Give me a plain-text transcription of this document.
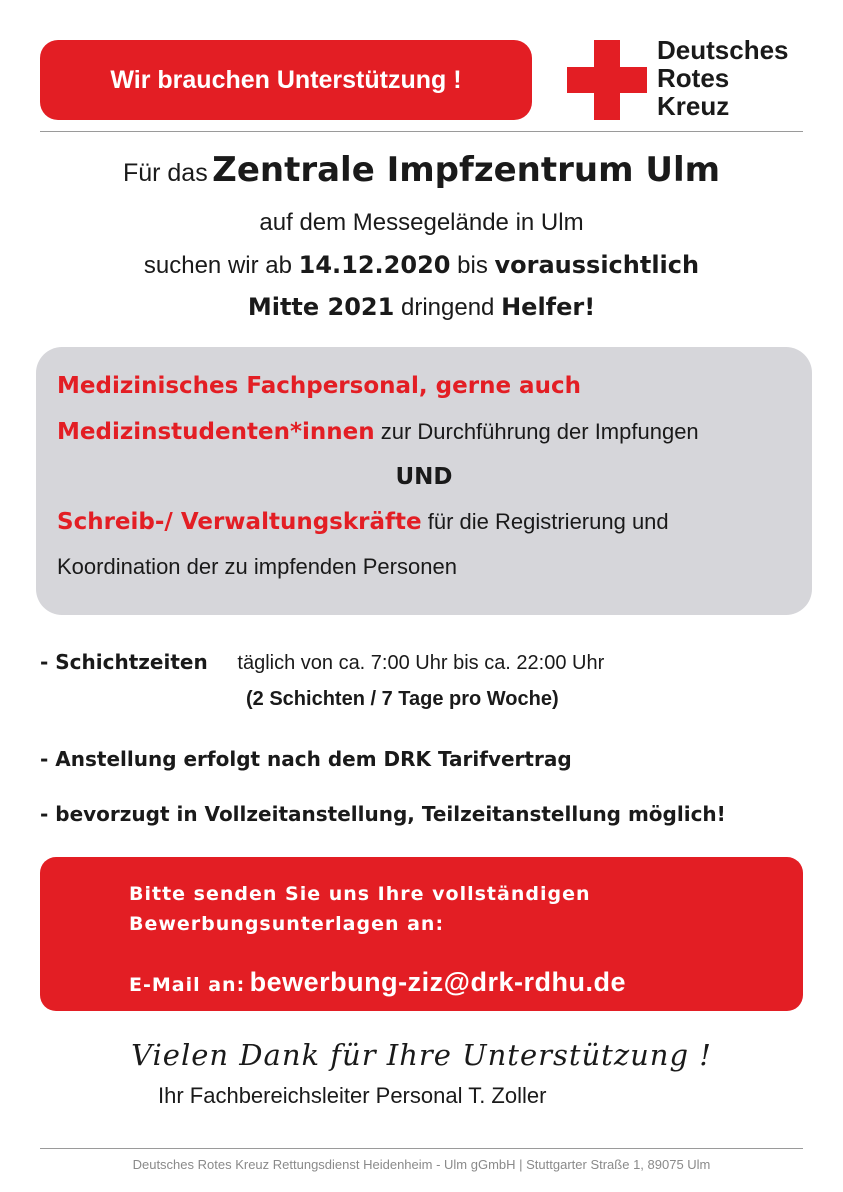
Wir brauchen Unterstützung !
Deutsches
Rotes
Kreuz
Für das Zentrale Impfzentrum Ulm
auf dem Messegelände in Ulm
suchen wir ab 14.12.2020 bis voraussichtlich
Mitte 2021 dringend Helfer!
Medizinisches Fachpersonal, gerne auch
Medizinstudenten*innen zur Durchführung der Impfungen
UND
Schreib-/ Verwaltungskräfte für die Registrierung und
Koordination der zu impfenden Personen
- Schichtzeiten täglich von ca. 7:00 Uhr bis ca. 22:00 Uhr
(2 Schichten / 7 Tage pro Woche)
- Anstellung erfolgt nach dem DRK Tarifvertrag
- bevorzugt in Vollzeitanstellung, Teilzeitanstellung möglich!
Bitte senden Sie uns Ihre vollständigen
Bewerbungsunterlagen an:
E-Mail an: bewerbung-ziz@drk-rdhu.de
Vielen Dank für Ihre Unterstützung !
Ihr Fachbereichsleiter Personal T. Zoller
Deutsches Rotes Kreuz Rettungsdienst Heidenheim - Ulm gGmbH | Stuttgarter Straße 1, 89075 Ulm
